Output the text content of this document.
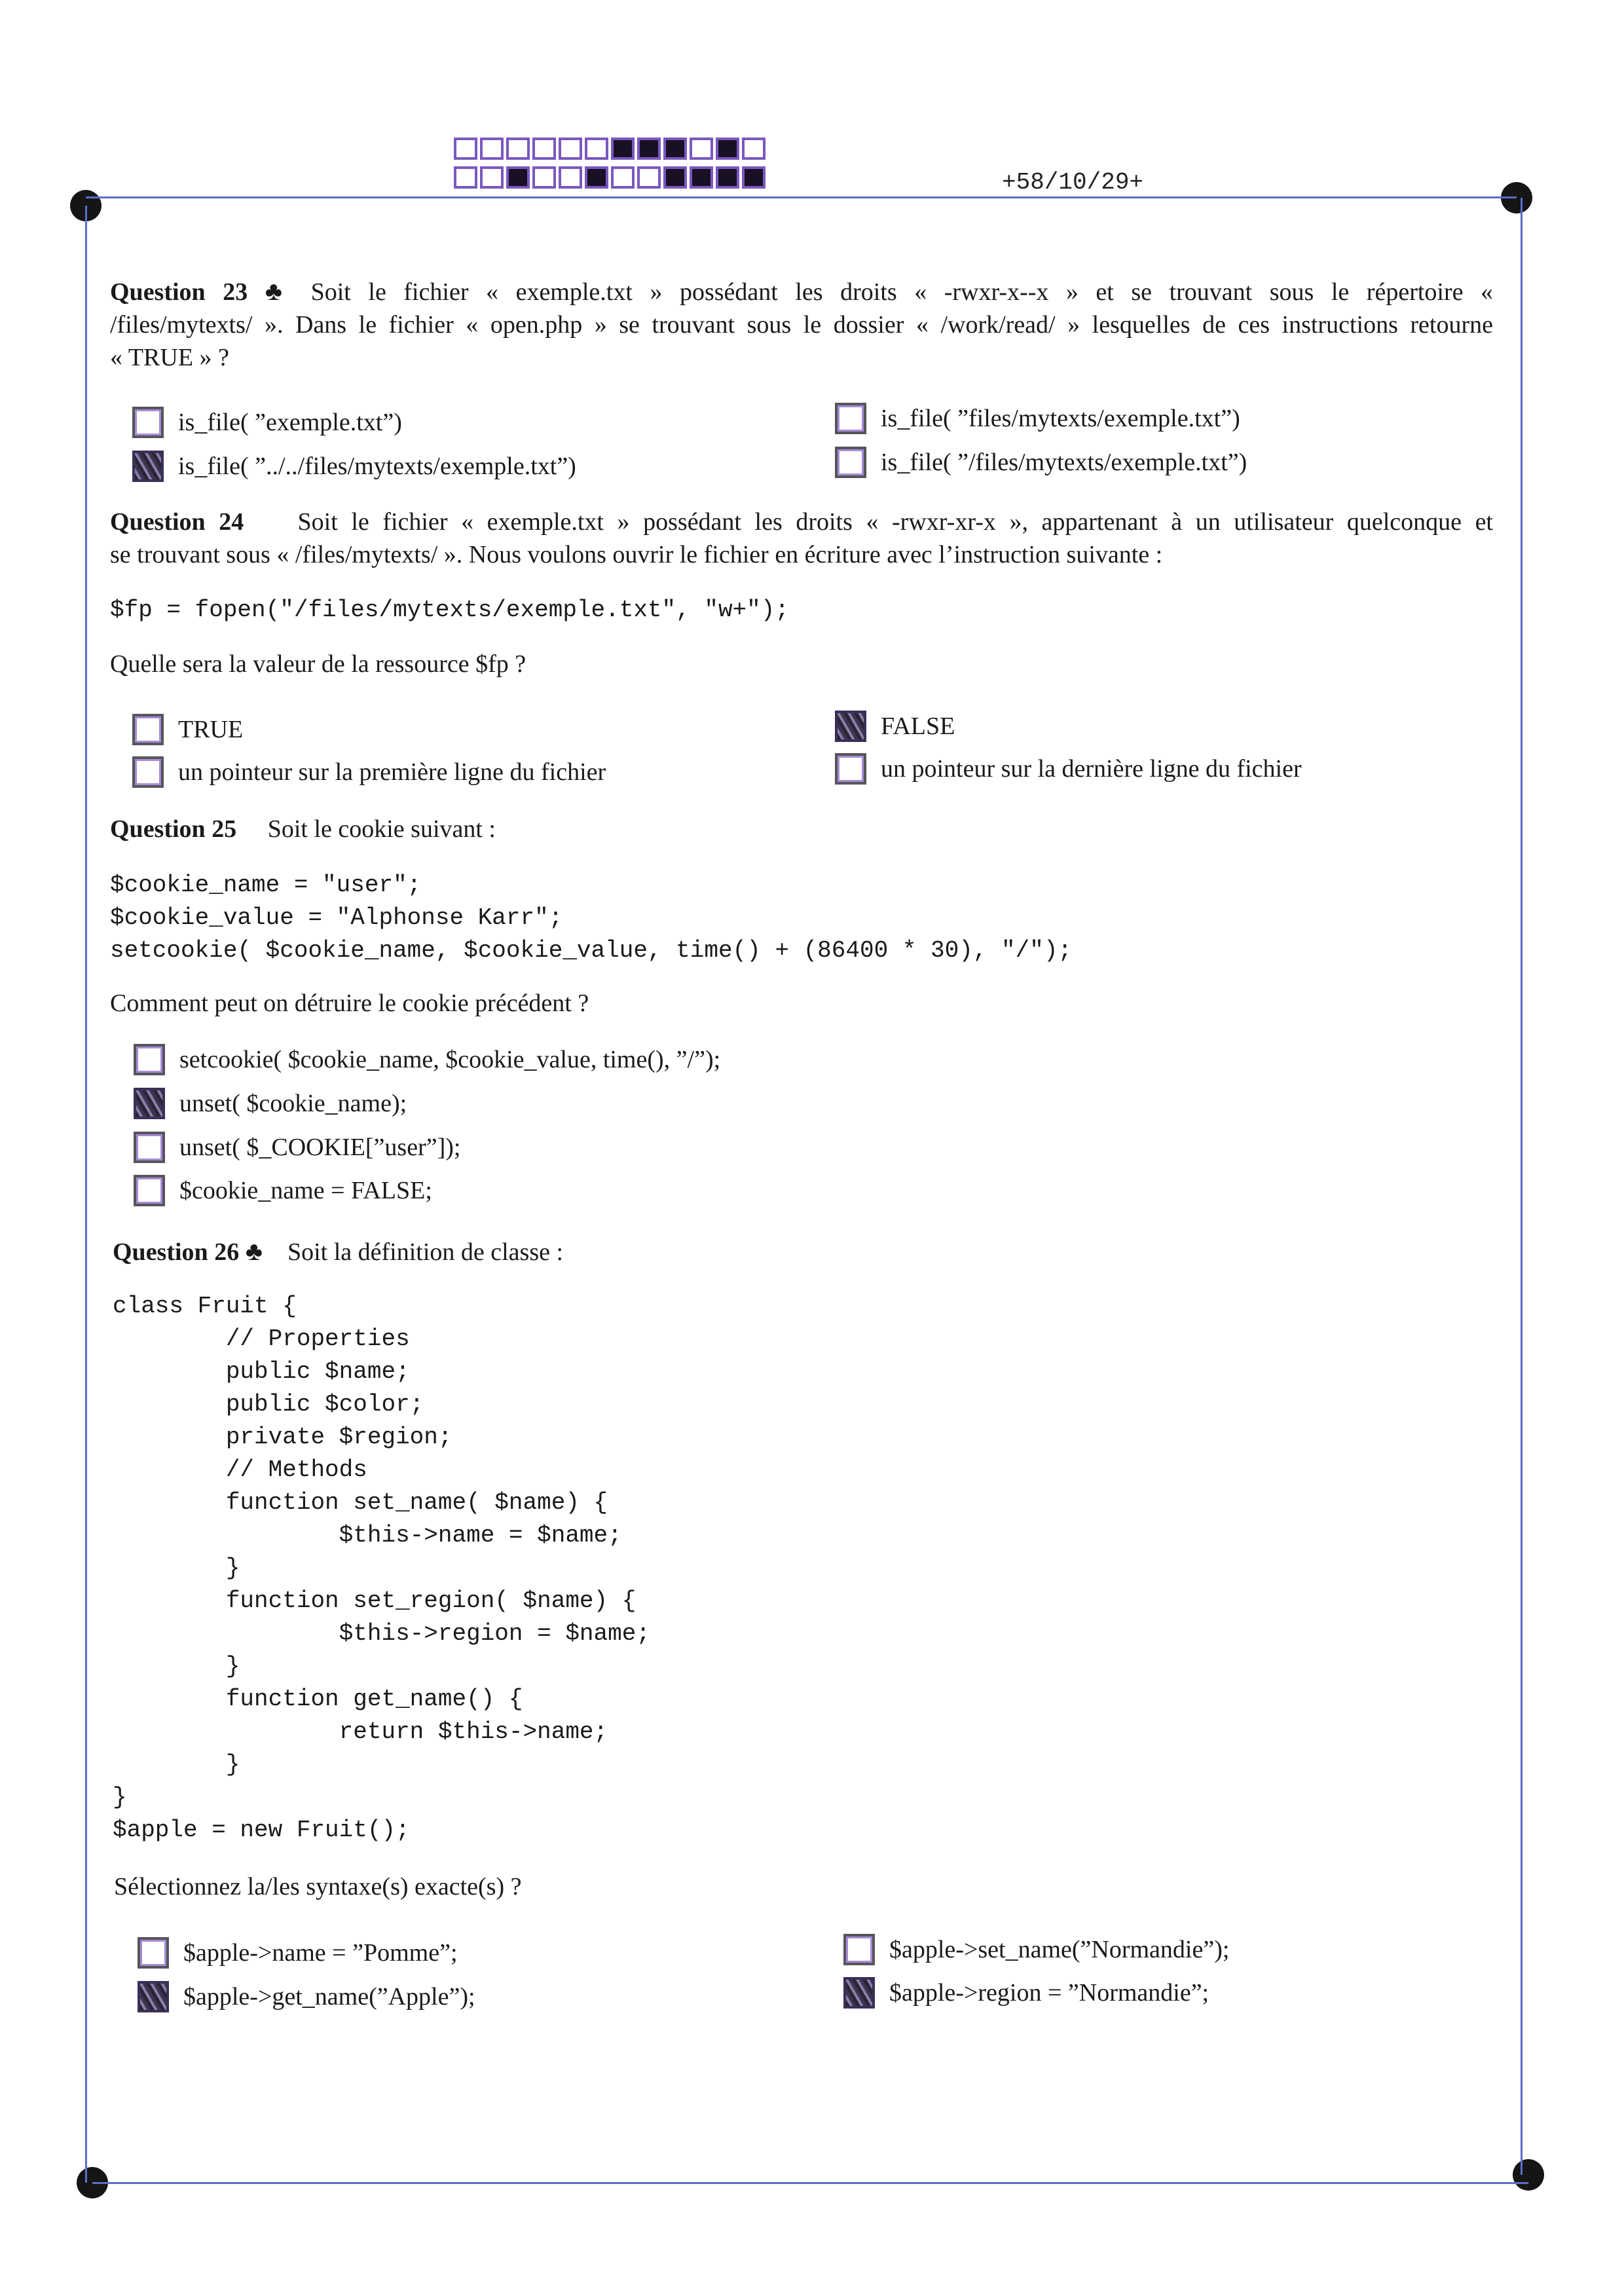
+58/10/29+
Question 23 ♣ Soit le fichier « exemple.txt » possédant les droits « -rwxr-x--x » et se trouvant sous le répertoire «
/files/mytexts/ ». Dans le fichier « open.php » se trouvant sous le dossier « /work/read/ » lesquelles de ces instructions retourne
« TRUE » ?
is_file( ”exemple.txt”)
is_file( ”../../files/mytexts/exemple.txt”)
is_file( ”files/mytexts/exemple.txt”)
is_file( ”/files/mytexts/exemple.txt”)
Question 24 Soit le fichier « exemple.txt » possédant les droits « -rwxr-xr-x », appartenant à un utilisateur quelconque et
se trouvant sous « /files/mytexts/ ». Nous voulons ouvrir le fichier en écriture avec l’instruction suivante :
$fp = fopen("/files/mytexts/exemple.txt", "w+");
Quelle sera la valeur de la ressource $fp ?
TRUE
un pointeur sur la première ligne du fichier
FALSE
un pointeur sur la dernière ligne du fichier
Question 25 Soit le cookie suivant :
$cookie_name = "user";
$cookie_value = "Alphonse Karr";
setcookie( $cookie_name, $cookie_value, time() + (86400 * 30), "/");
Comment peut on détruire le cookie précédent ?
setcookie( $cookie_name, $cookie_value, time(), ”/”);
unset( $cookie_name);
unset( $_COOKIE[”user”]);
$cookie_name = FALSE;
Question 26 ♣ Soit la définition de classe :
class Fruit {
// Properties
public $name;
public $color;
private $region;
// Methods
function set_name( $name) {
$this->name = $name;
}
function set_region( $name) {
$this->region = $name;
}
function get_name() {
return $this->name;
}
}
$apple = new Fruit();
Sélectionnez la/les syntaxe(s) exacte(s) ?
$apple->name = ”Pomme”;
$apple->get_name(”Apple”);
$apple->set_name(”Normandie”);
$apple->region = ”Normandie”;
